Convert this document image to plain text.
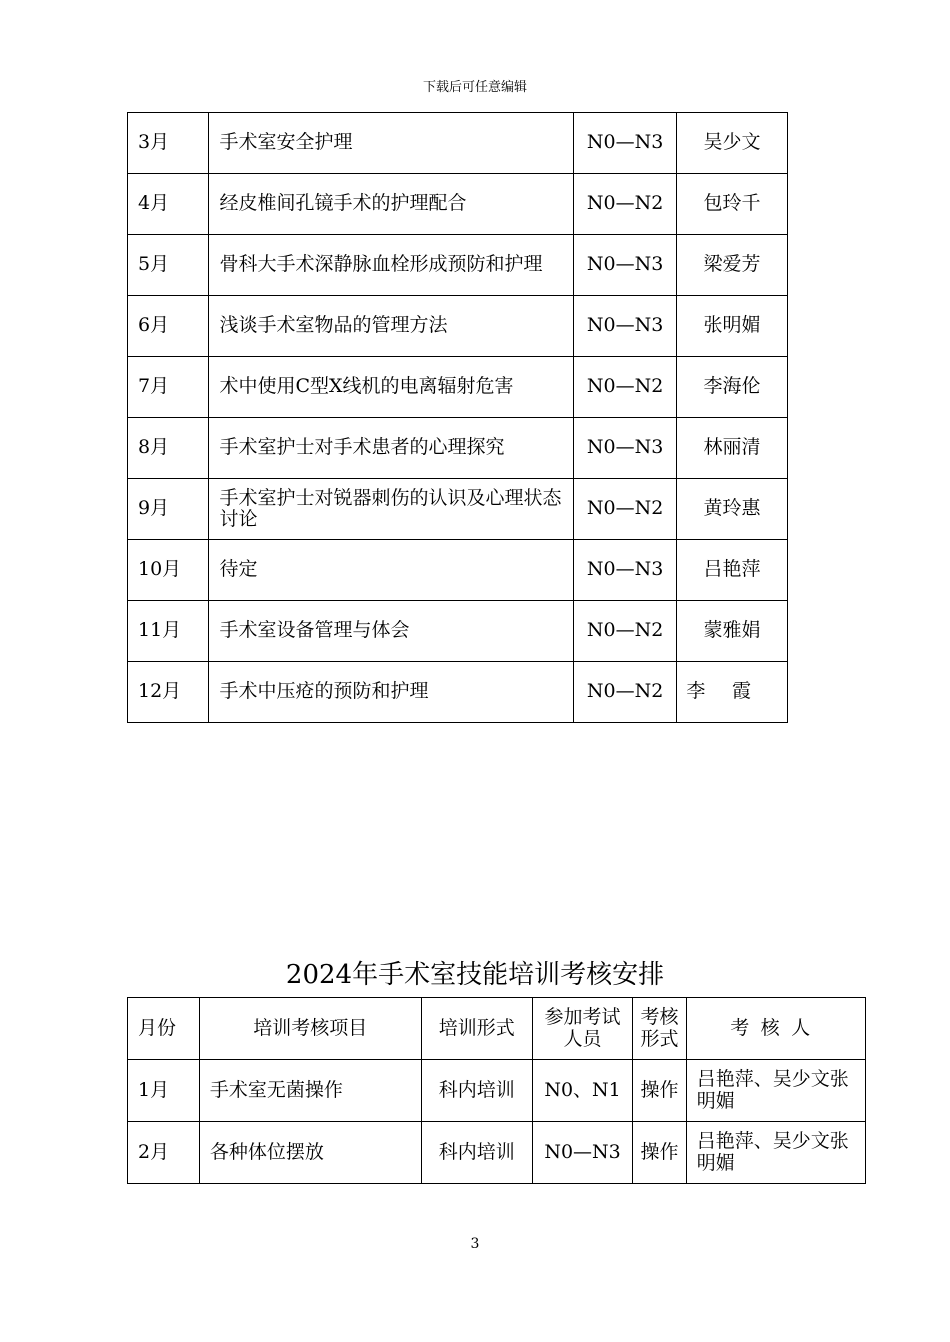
下载后可任意编辑
3月	手术室安全护理	N0—N3	吴少文
4月	经皮椎间孔镜手术的护理配合	N0—N2	包玲千
5月	骨科大手术深静脉血栓形成预防和护理	N0—N3	梁爱芳
6月	浅谈手术室物品的管理方法	N0—N3	张明媚
7月	术中使用C型X线机的电离辐射危害	N0—N2	李海伦
8月	手术室护士对手术患者的心理探究	N0—N3	林丽清
9月	手术室护士对锐器刺伤的认识及心理状态讨论	N0—N2	黄玲惠
10月	待定	N0—N3	吕艳萍
11月	手术室设备管理与体会	N0—N2	蒙雅娟
12月	手术中压疮的预防和护理	N0—N2	李霞
2024年手术室技能培训考核安排
月份	培训考核项目	培训形式	参加考试人员	考核形式	考核人
1月	手术室无菌操作	科内培训	N0、N1	操作	吕艳萍、吴少文张明媚
2月	各种体位摆放	科内培训	N0—N3	操作	吕艳萍、吴少文张明媚
3
